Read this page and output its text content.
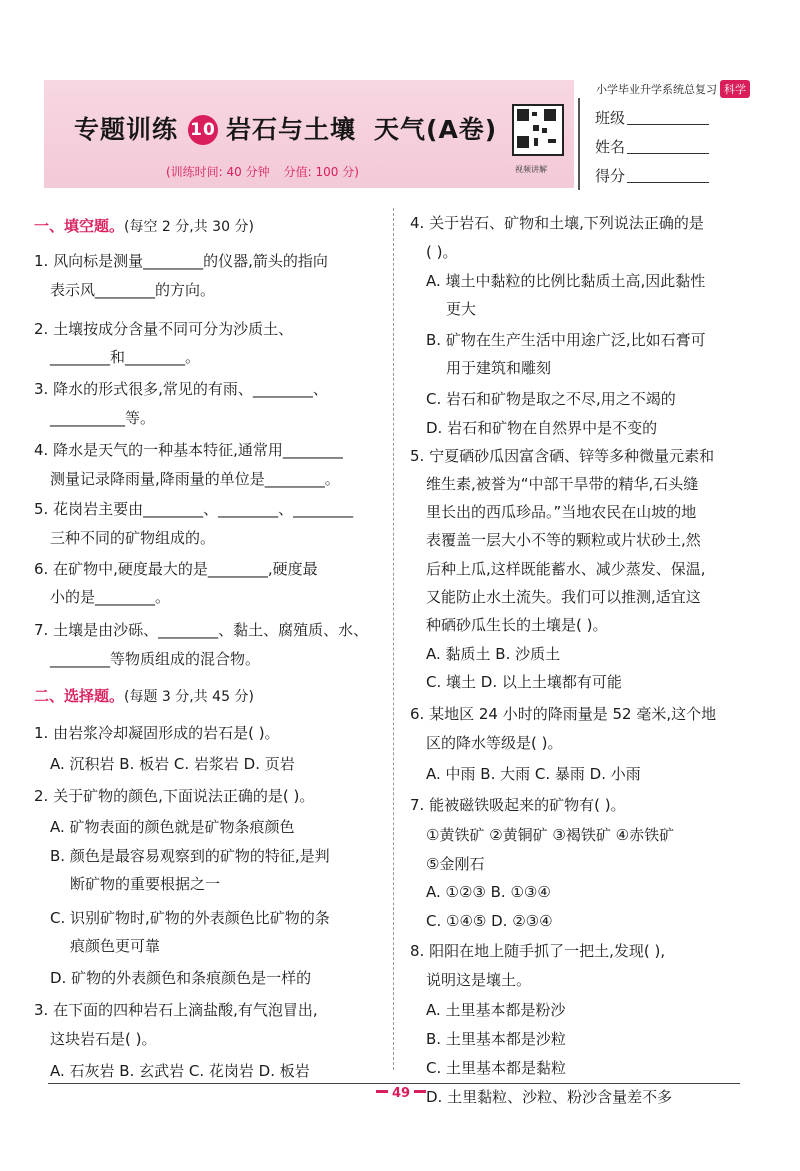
专题训练 10 岩石与土壤 天气(A卷)
(训练时间: 40 分钟 分值: 100 分)	视频讲解
小学毕业升学系统总复习 科学
班级
姓名
得分
一、填空题。(每空 2 分,共 30 分)
1. 风向标是测量________的仪器,箭头的指向
表示风________的方向。
2. 土壤按成分含量不同可分为沙质土、
________和________。
3. 降水的形式很多,常见的有雨、________、
__________等。
4. 降水是天气的一种基本特征,通常用________
测量记录降雨量,降雨量的单位是________。
5. 花岗岩主要由________、________、________
三种不同的矿物组成的。
6. 在矿物中,硬度最大的是________,硬度最
小的是________。
7. 土壤是由沙砾、________、黏土、腐殖质、水、
________等物质组成的混合物。
二、选择题。(每题 3 分,共 45 分)
1. 由岩浆冷却凝固形成的岩石是( )。
A. 沉积岩 B. 板岩 C. 岩浆岩 D. 页岩
2. 关于矿物的颜色,下面说法正确的是( )。
A. 矿物表面的颜色就是矿物条痕颜色
B. 颜色是最容易观察到的矿物的特征,是判
断矿物的重要根据之一
C. 识别矿物时,矿物的外表颜色比矿物的条
痕颜色更可靠
D. 矿物的外表颜色和条痕颜色是一样的
3. 在下面的四种岩石上滴盐酸,有气泡冒出,
这块岩石是( )。
A. 石灰岩 B. 玄武岩 C. 花岗岩 D. 板岩
4. 关于岩石、矿物和土壤,下列说法正确的是
( )。
A. 壤土中黏粒的比例比黏质土高,因此黏性
更大
B. 矿物在生产生活中用途广泛,比如石膏可
用于建筑和雕刻
C. 岩石和矿物是取之不尽,用之不竭的
D. 岩石和矿物在自然界中是不变的
5. 宁夏硒砂瓜因富含硒、锌等多种微量元素和
维生素,被誉为“中部干旱带的精华,石头缝
里长出的西瓜珍品。”当地农民在山坡的地
表覆盖一层大小不等的颗粒或片状砂土,然
后种上瓜,这样既能蓄水、减少蒸发、保温,
又能防止水土流失。我们可以推测,适宜这
种硒砂瓜生长的土壤是( )。
A. 黏质土 B. 沙质土
C. 壤土 D. 以上土壤都有可能
6. 某地区 24 小时的降雨量是 52 毫米,这个地
区的降水等级是( )。
A. 中雨 B. 大雨 C. 暴雨 D. 小雨
7. 能被磁铁吸起来的矿物有( )。
①黄铁矿 ②黄铜矿 ③褐铁矿 ④赤铁矿
⑤金刚石
A. ①②③ B. ①③④
C. ①④⑤ D. ②③④
8. 阳阳在地上随手抓了一把土,发现( ),
说明这是壤土。
A. 土里基本都是粉沙
B. 土里基本都是沙粒
C. 土里基本都是黏粒
D. 土里黏粒、沙粒、粉沙含量差不多
49
